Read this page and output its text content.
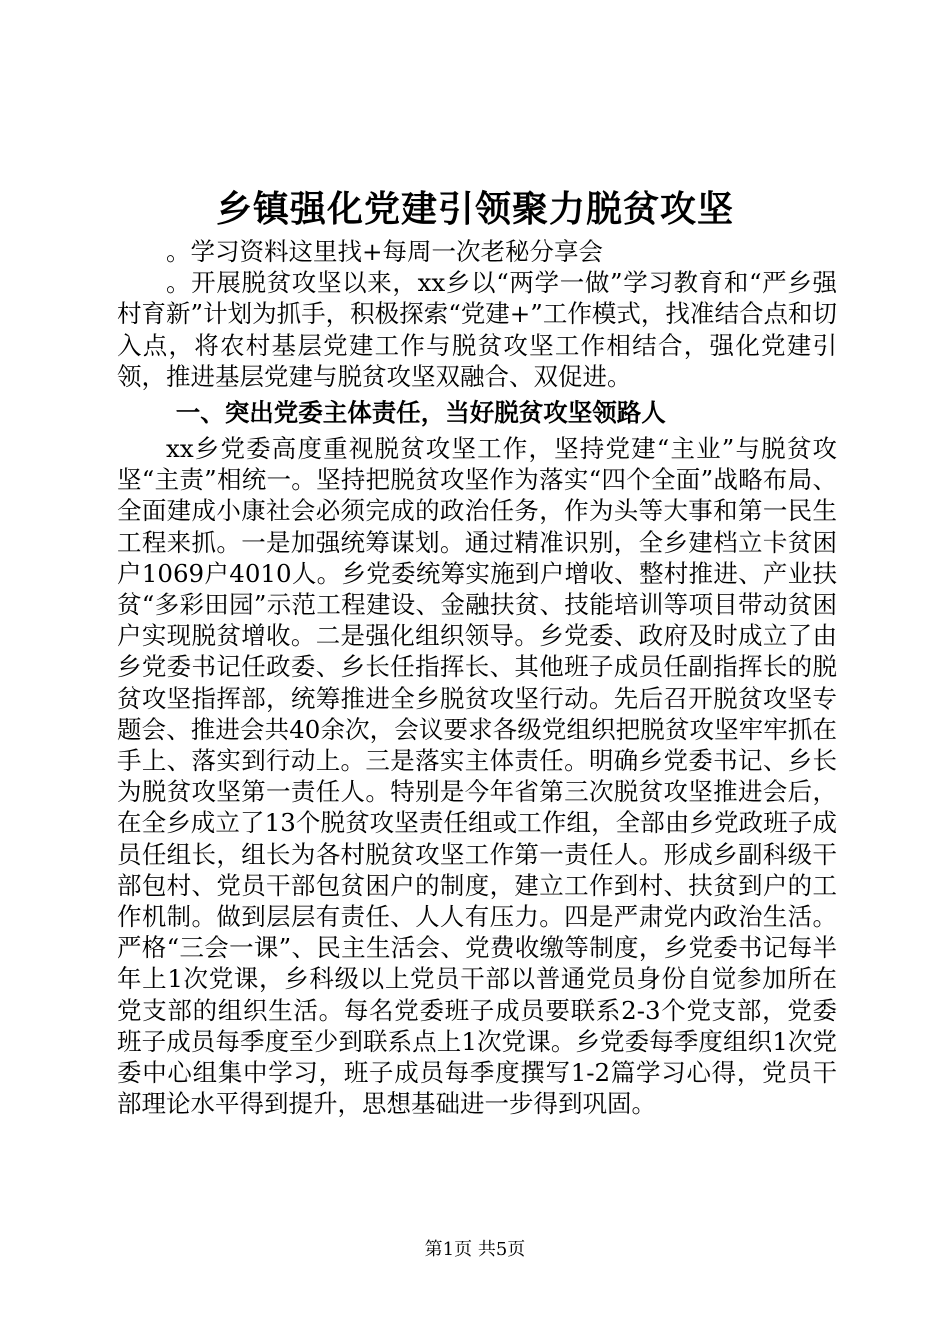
乡镇强化党建引领聚力脱贫攻坚

。学习资料这里找+每周一次老秘分享会

。开展脱贫攻坚以来，xx乡以“两学一做”学习教育和“严乡强村育新”计划为抓手，积极探索“党建+”工作模式，找准结合点和切入点，将农村基层党建工作与脱贫攻坚工作相结合，强化党建引领，推进基层党建与脱贫攻坚双融合、双促进。

一、突出党委主体责任，当好脱贫攻坚领路人

xx乡党委高度重视脱贫攻坚工作，坚持党建“主业”与脱贫攻坚“主责”相统一。坚持把脱贫攻坚作为落实“四个全面”战略布局、全面建成小康社会必须完成的政治任务，作为头等大事和第一民生工程来抓。一是加强统筹谋划。通过精准识别，全乡建档立卡贫困户1069户4010人。乡党委统筹实施到户增收、整村推进、产业扶贫“多彩田园”示范工程建设、金融扶贫、技能培训等项目带动贫困户实现脱贫增收。二是强化组织领导。乡党委、政府及时成立了由乡党委书记任政委、乡长任指挥长、其他班子成员任副指挥长的脱贫攻坚指挥部，统筹推进全乡脱贫攻坚行动。先后召开脱贫攻坚专题会、推进会共40余次，会议要求各级党组织把脱贫攻坚牢牢抓在手上、落实到行动上。三是落实主体责任。明确乡党委书记、乡长为脱贫攻坚第一责任人。特别是今年省第三次脱贫攻坚推进会后，在全乡成立了13个脱贫攻坚责任组或工作组，全部由乡党政班子成员任组长，组长为各村脱贫攻坚工作第一责任人。形成乡副科级干部包村、党员干部包贫困户的制度，建立工作到村、扶贫到户的工作机制。做到层层有责任、人人有压力。四是严肃党内政治生活。严格“三会一课”、民主生活会、党费收缴等制度，乡党委书记每半年上1次党课，乡科级以上党员干部以普通党员身份自觉参加所在党支部的组织生活。每名党委班子成员要联系2-3个党支部，党委班子成员每季度至少到联系点上1次党课。乡党委每季度组织1次党委中心组集中学习，班子成员每季度撰写1-2篇学习心得，党员干部理论水平得到提升，思想基础进一步得到巩固。

第1页 共5页
